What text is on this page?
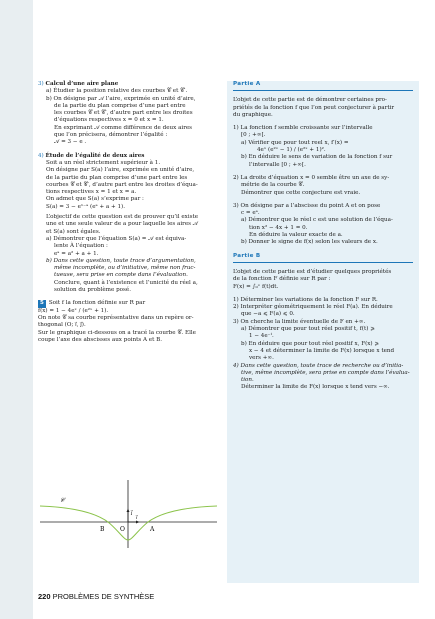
3) Calcul d’une aire plane

a) Étudier la position relative des courbes 𝒞 et 𝒞′.

b) On désigne par 𝒜 l’aire, exprimée en unité d’aire,

de la partie du plan comprise d’une part entre

les courbes 𝒞 et 𝒞′, d’autre part entre les droites

d’équations respectives x = 0 et x = 1.

En exprimant 𝒜 comme différence de deux aires

que l’on précisera, démontrer l’égalité :

𝒜 = 3 − e .

4) Étude de l’égalité de deux aires

Soit a un réel strictement supérieur à 1.

On désigne par S(a) l’aire, exprimée en unité d’aire,

de la partie du plan comprise d’une part entre les

courbes 𝒞 et 𝒞′, d’autre part entre les droites d’équa-

tions respectives x = 1 et x = a.

On admet que S(a) s’exprime par :

S(a) = 3 − e¹⁻ᵃ (eᵃ + a + 1).

L’objectif de cette question est de prouver qu’il existe

une et une seule valeur de a pour laquelle les aires 𝒜

et S(a) sont égales.

a) Démontrer que l’équation S(a) = 𝒜 est équiva-

lente À l’équation :

eᵃ = a² + a + 1.

b) Dans cette question, toute trace d’argumentation,

même incomplète, ou d’initiative, même non fruc-

tueuse, sera prise en compte dans l’évaluation.

Conclure, quant à l’existence et l’unicité du réel a,

solution du problème posé.

5 Soit f la fonction définie sur R par

f(x) = 1 − 4eˣ / (e²ˣ + 1).

On note 𝒞 sa courbe représentative dans un repère or-

thogonal (O; i⃗, j⃗).

Sur le graphique ci-dessous on a tracé la courbe 𝒞. Elle

coupe l’axe des abscisses aux points A et B.

𝒞
B	O	A
j⃗
i⃗
Partie A

L’objet de cette partie est de démontrer certaines pro-

priétés de la fonction f que l’on peut conjecturer à partir

du graphique.

1) La fonction f semble croissante sur l’intervalle

[0 ; +∞[.

a) Vérifier que pour tout reel x, f′(x) =

4eˣ (e²ˣ − 1) / (e²ˣ + 1)².

b) En déduire le sens de variation de la fonction f sur

l’intervalle [0 ; +∞[.

2) La droite d’équation x = 0 semble être un axe de sy-

métrie de la courbe 𝒞.

Démontrer que cette conjecture est vraie.

3) On désigne par a l’abscisse du point A et on pose

c = eᵃ.

a) Démontrer que le réel c est une solution de l’équa-

tion x² − 4x + 1 = 0.

En déduire la valeur exacte de a.

b) Donner le signe de f(x) selon les valeurs de x.

Partie B

L’objet de cette partie est d’étudier quelques propriétés

de la fonction F définie sur R par :

F(x) = ∫₀ˣ f(t)dt.

1) Déterminer les variations de la fonction F sur R.

2) Interpréter géométriquement le réel F(a). En déduire

que −a ⩽ F(a) ⩽ 0.

3) On cherche la limite éventuelle de F en +∞.

a) Démontrer que pour tout réel positif t, f(t) ⩾

1 − 4e⁻ᵗ.

b) En déduire que pour tout réel positif x, F(x) ⩾

x − 4 et déterminer la limite de F(x) lorsque x tend

vers +∞.

4) Dans cette question, toute trace de recherche ou d’initia-

tive, même incomplète, sera prise en compte dans l’évalua-

tion.

Déterminer la limite de F(x) lorsque x tend vers −∞.

220 PROBLÈMES DE SYNTHÈSE
